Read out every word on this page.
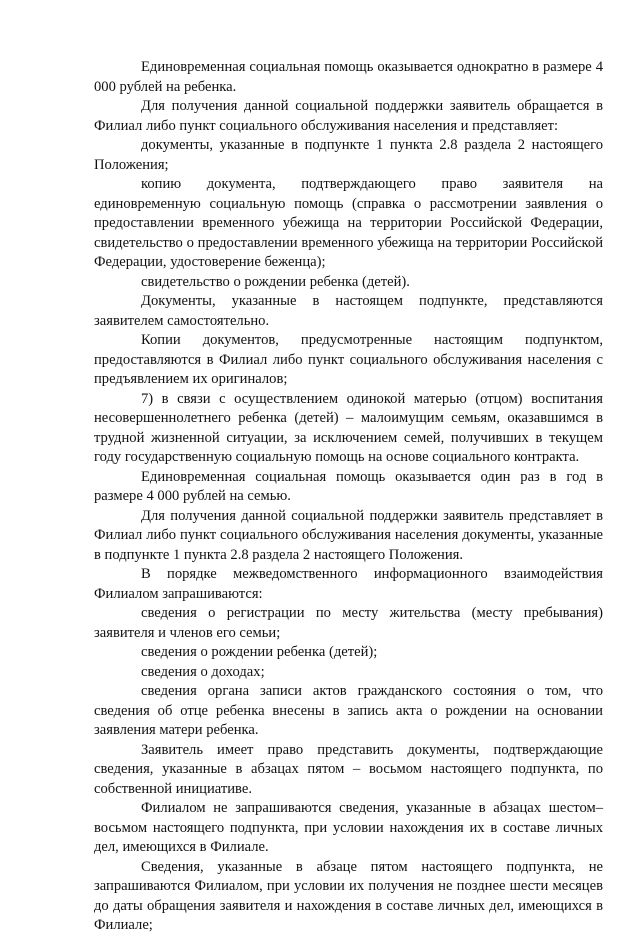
Единовременная социальная помощь оказывается однократно в размере 4 000 рублей на ребенка.

Для получения данной социальной поддержки заявитель обращается в Филиал либо пункт социального обслуживания населения и представляет:

документы, указанные в подпункте 1 пункта 2.8 раздела 2 настоящего Положения;

копию документа, подтверждающего право заявителя на единовременную социальную помощь (справка о рассмотрении заявления о предоставлении временного убежища на территории Российской Федерации, свидетельство о предоставлении временного убежища на территории Российской Федерации, удостоверение беженца);

свидетельство о рождении ребенка (детей).

Документы, указанные в настоящем подпункте, представляются заявителем самостоятельно.

Копии документов, предусмотренные настоящим подпунктом, предоставляются в Филиал либо пункт социального обслуживания населения с предъявлением их оригиналов;

7) в связи с осуществлением одинокой матерью (отцом) воспитания несовершеннолетнего ребенка (детей) – малоимущим семьям, оказавшимся в трудной жизненной ситуации, за исключением семей, получивших в текущем году государственную социальную помощь на основе социального контракта.

Единовременная социальная помощь оказывается один раз в год в размере 4 000 рублей на семью.

Для получения данной социальной поддержки заявитель представляет в Филиал либо пункт социального обслуживания населения документы, указанные в подпункте 1 пункта 2.8 раздела 2 настоящего Положения.

В порядке межведомственного информационного взаимодействия Филиалом запрашиваются:

сведения о регистрации по месту жительства (месту пребывания) заявителя и членов его семьи;

сведения о рождении ребенка (детей);

сведения о доходах;

сведения органа записи актов гражданского состояния о том, что сведения об отце ребенка внесены в запись акта о рождении на основании заявления матери ребенка.

Заявитель имеет право представить документы, подтверждающие сведения, указанные в абзацах пятом – восьмом настоящего подпункта, по собственной инициативе.

Филиалом не запрашиваются сведения, указанные в абзацах шестом–восьмом настоящего подпункта, при условии нахождения их в составе личных дел, имеющихся в Филиале.

Сведения, указанные в абзаце пятом настоящего подпункта, не запрашиваются Филиалом, при условии их получения не позднее шести месяцев до даты обращения заявителя и нахождения в составе личных дел, имеющихся в Филиале;
